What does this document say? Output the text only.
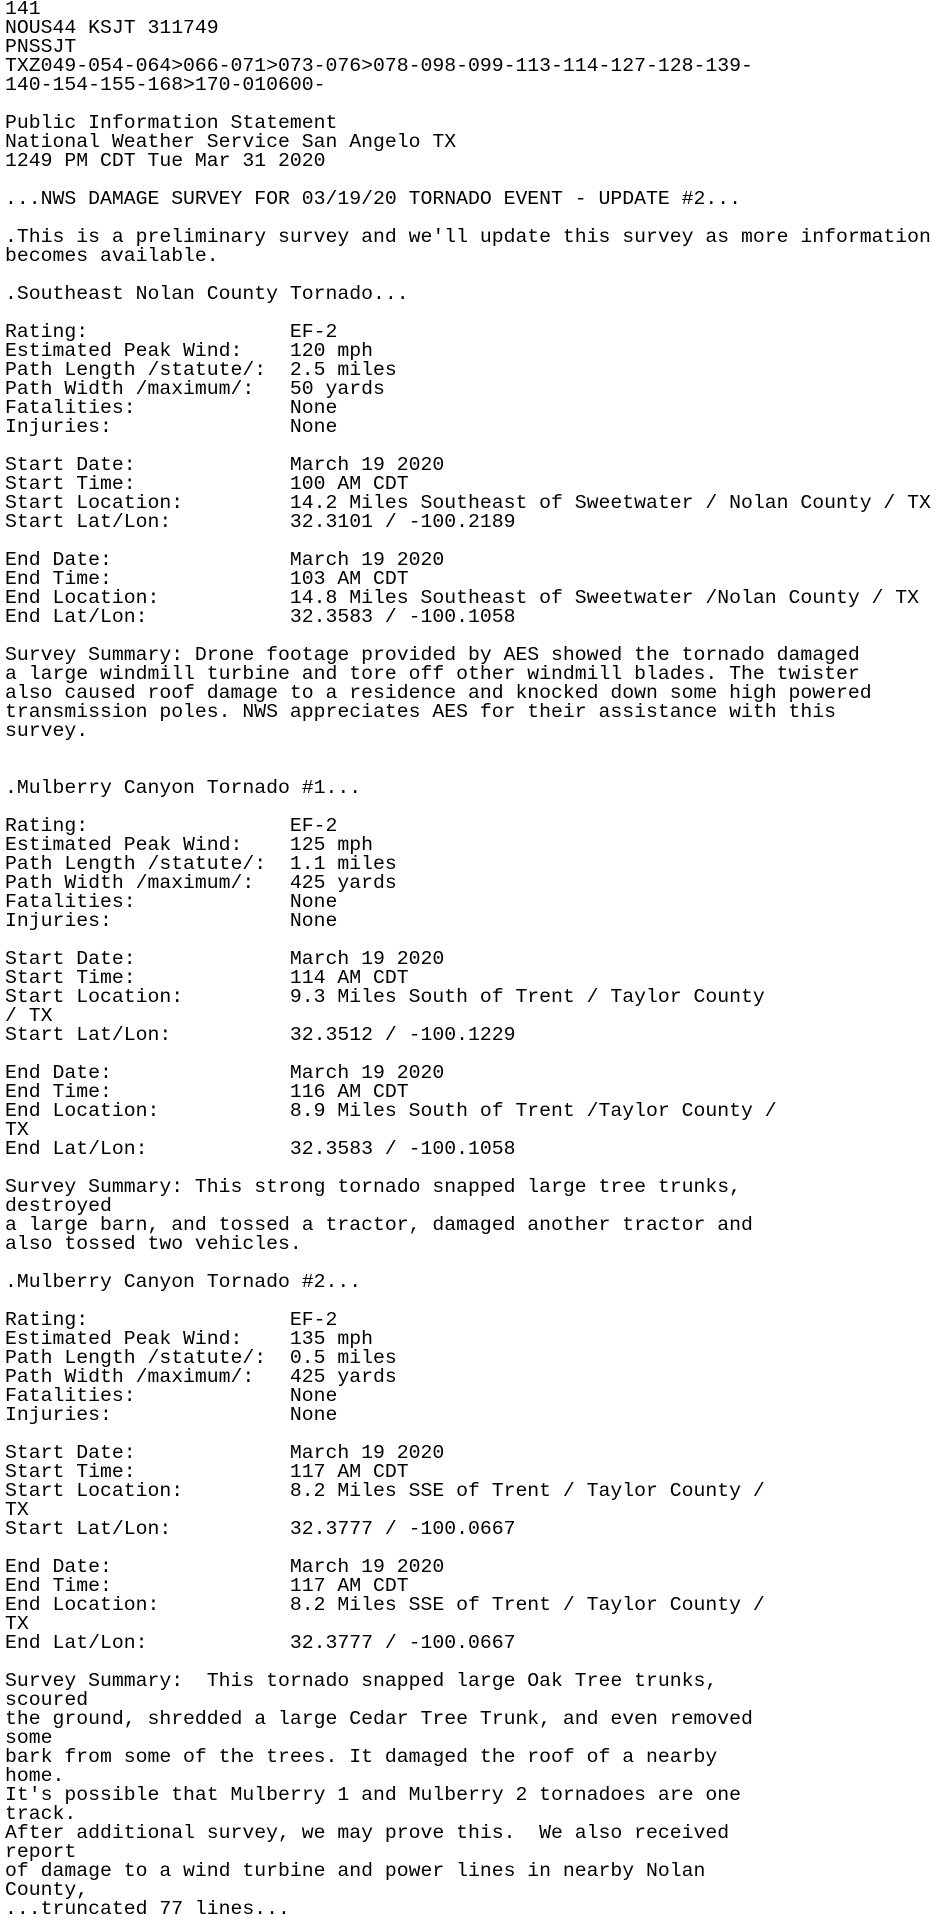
141
NOUS44 KSJT 311749
PNSSJT
TXZ049-054-064>066-071>073-076>078-098-099-113-114-127-128-139-
140-154-155-168>170-010600-
Public Information Statement
National Weather Service San Angelo TX
1249 PM CDT Tue Mar 31 2020
...NWS DAMAGE SURVEY FOR 03/19/20 TORNADO EVENT - UPDATE #2...
.This is a preliminary survey and we'll update this survey as more information
becomes available.
.Southeast Nolan County Tornado...
Rating:                 EF-2
Estimated Peak Wind:    120 mph
Path Length /statute/:  2.5 miles
Path Width /maximum/:   50 yards
Fatalities:             None
Injuries:               None
Start Date:             March 19 2020
Start Time:             100 AM CDT
Start Location:         14.2 Miles Southeast of Sweetwater / Nolan County / TX
Start Lat/Lon:          32.3101 / -100.2189
End Date:               March 19 2020
End Time:               103 AM CDT
End Location:           14.8 Miles Southeast of Sweetwater /Nolan County / TX
End Lat/Lon:            32.3583 / -100.1058
Survey Summary: Drone footage provided by AES showed the tornado damaged
a large windmill turbine and tore off other windmill blades. The twister
also caused roof damage to a residence and knocked down some high powered
transmission poles. NWS appreciates AES for their assistance with this
survey.
.Mulberry Canyon Tornado #1...
Rating:                 EF-2
Estimated Peak Wind:    125 mph
Path Length /statute/:  1.1 miles
Path Width /maximum/:   425 yards
Fatalities:             None
Injuries:               None
Start Date:             March 19 2020
Start Time:             114 AM CDT
Start Location:         9.3 Miles South of Trent / Taylor County
/ TX
Start Lat/Lon:          32.3512 / -100.1229
End Date:               March 19 2020
End Time:               116 AM CDT
End Location:           8.9 Miles South of Trent /Taylor County /
TX
End Lat/Lon:            32.3583 / -100.1058
Survey Summary: This strong tornado snapped large tree trunks,
destroyed
a large barn, and tossed a tractor, damaged another tractor and
also tossed two vehicles.
.Mulberry Canyon Tornado #2...
Rating:                 EF-2
Estimated Peak Wind:    135 mph
Path Length /statute/:  0.5 miles
Path Width /maximum/:   425 yards
Fatalities:             None
Injuries:               None
Start Date:             March 19 2020
Start Time:             117 AM CDT
Start Location:         8.2 Miles SSE of Trent / Taylor County /
TX
Start Lat/Lon:          32.3777 / -100.0667
End Date:               March 19 2020
End Time:               117 AM CDT
End Location:           8.2 Miles SSE of Trent / Taylor County /
TX
End Lat/Lon:            32.3777 / -100.0667
Survey Summary:  This tornado snapped large Oak Tree trunks,
scoured
the ground, shredded a large Cedar Tree Trunk, and even removed
some
bark from some of the trees. It damaged the roof of a nearby
home.
It's possible that Mulberry 1 and Mulberry 2 tornadoes are one
track.
After additional survey, we may prove this.  We also received
report
of damage to a wind turbine and power lines in nearby Nolan
County,
...truncated 77 lines...
